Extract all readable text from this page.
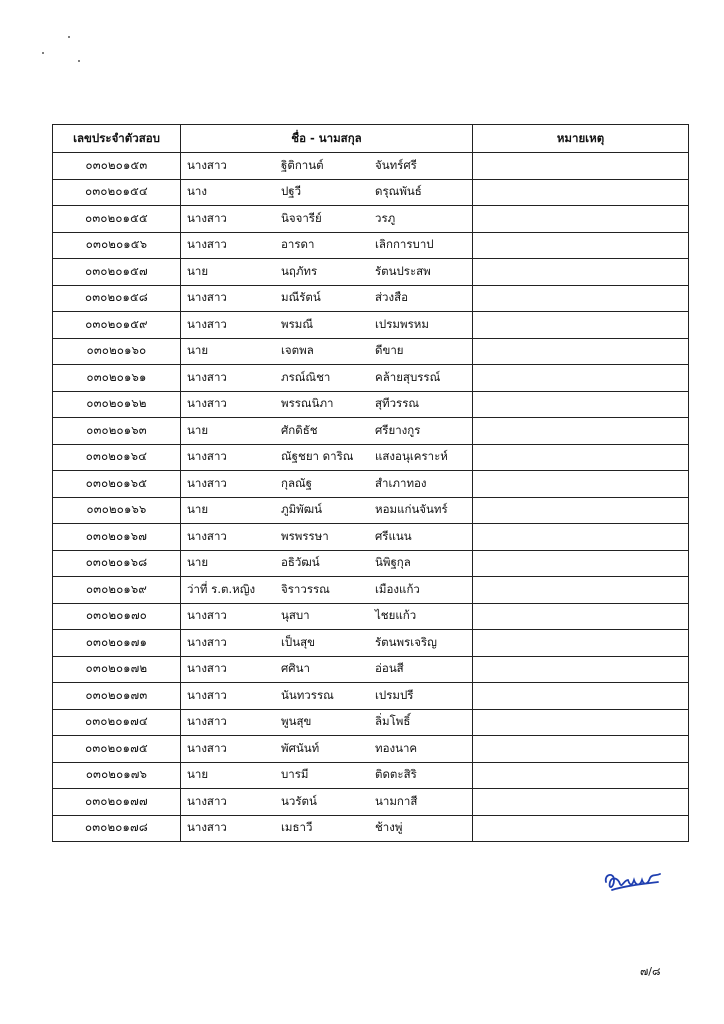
เลขประจำตัวสอบ	ชื่อ - นามสกุล	หมายเหตุ
๐๓๐๒๐๑๕๓	นางสาว ฐิติกานต์ จันทร์ศรี	

๐๓๐๒๐๑๕๔	นาง ปฐวี ดรุณพันธ์	

๐๓๐๒๐๑๕๕	นางสาว นิจจารีย์ วรภู	

๐๓๐๒๐๑๕๖	นางสาว อารดา เลิกการบาป	

๐๓๐๒๐๑๕๗	นาย นฤภัทร รัตนประสพ	

๐๓๐๒๐๑๕๘	นางสาว มณีรัตน์ ส่วงสือ	

๐๓๐๒๐๑๕๙	นางสาว พรมณี เปรมพรหม	

๐๓๐๒๐๑๖๐	นาย เจตพล ดีขาย	

๐๓๐๒๐๑๖๑	นางสาว ภรณ์ณิชา คล้ายสุบรรณ์	

๐๓๐๒๐๑๖๒	นางสาว พรรณนิภา สุทีวรรณ	

๐๓๐๒๐๑๖๓	นาย ศักดิธัช ศรียางกูร	

๐๓๐๒๐๑๖๔	นางสาว ณัฐชยา ดาริณ แสงอนุเคราะห์	

๐๓๐๒๐๑๖๕	นางสาว กุลณัฐ สำเภาทอง	

๐๓๐๒๐๑๖๖	นาย ภูมิพัฒน์ หอมแก่นจันทร์	

๐๓๐๒๐๑๖๗	นางสาว พรพรรษา ศรีแนน	

๐๓๐๒๐๑๖๘	นาย อธิวัฒน์ นิพิฐกุล	

๐๓๐๒๐๑๖๙	ว่าที่ ร.ต.หญิง จิราวรรณ เมืองแก้ว	

๐๓๐๒๐๑๗๐	นางสาว นุสบา ไชยแก้ว	

๐๓๐๒๐๑๗๑	นางสาว เป็นสุข รัตนพรเจริญ	

๐๓๐๒๐๑๗๒	นางสาว ศศินา อ่อนสี	

๐๓๐๒๐๑๗๓	นางสาว นันทวรรณ เปรมปรี	

๐๓๐๒๐๑๗๔	นางสาว พูนสุข ลิ่มโพธิ์	

๐๓๐๒๐๑๗๕	นางสาว พัศนันท์ ทองนาค	

๐๓๐๒๐๑๗๖	นาย บารมี ติดตะสิริ	

๐๓๐๒๐๑๗๗	นางสาว นวรัตน์ นามกาสี	

๐๓๐๒๐๑๗๘	นางสาว เมธาวี ช้างพู่	

๗/๘
